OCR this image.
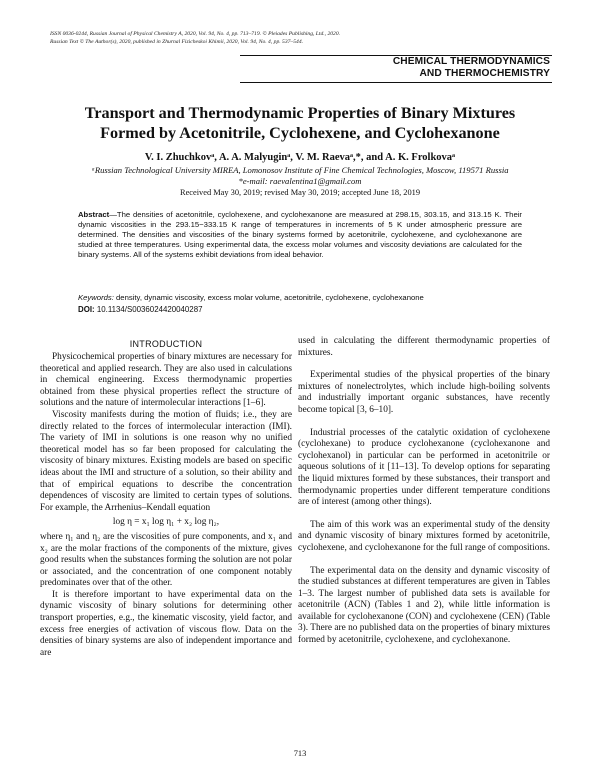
ISSN 0036-0244, Russian Journal of Physical Chemistry A, 2020, Vol. 94, No. 4, pp. 713–719. © Pleiades Publishing, Ltd., 2020.
Russian Text © The Author(s), 2020, published in Zhurnal Fizicheskoi Khimii, 2020, Vol. 94, No. 4, pp. 537–544.
CHEMICAL THERMODYNAMICS
AND THERMOCHEMISTRY
Transport and Thermodynamic Properties of Binary Mixtures
Formed by Acetonitrile, Cyclohexene, and Cyclohexanone
V. I. Zhuchkovᵃ, A. A. Malyuginᵃ, V. M. Raevaᵃ,*, and A. K. Frolkovaᵃ
ᵃRussian Technological University MIREA, Lomonosov Institute of Fine Chemical Technologies, Moscow, 119571 Russia
*e-mail: raevalentina1@gmail.com
Received May 30, 2019; revised May 30, 2019; accepted June 18, 2019
Abstract—The densities of acetonitrile, cyclohexene, and cyclohexanone are measured at 298.15, 303.15, and 313.15 K. Their dynamic viscosities in the 293.15−333.15 K range of temperatures in increments of 5 K under atmospheric pressure are determined. The densities and viscosities of the binary systems formed by acetonitrile, cyclohexene, and cyclohexanone are studied at three temperatures. Using experimental data, the excess molar volumes and viscosity deviations are calculated for the binary systems. All of the systems exhibit deviations from ideal behavior.
Keywords: density, dynamic viscosity, excess molar volume, acetonitrile, cyclohexene, cyclohexanone
DOI: 10.1134/S0036024420040287
INTRODUCTION

Physicochemical properties of binary mixtures are necessary for theoretical and applied research. They are also used in calculations in chemical engineering. Excess thermodynamic properties obtained from these physical properties reflect the structure of solutions and the nature of intermolecular interactions [1–6].

Viscosity manifests during the motion of fluids; i.e., they are directly related to the forces of intermolecular interaction (IMI). The variety of IMI in solutions is one reason why no unified theoretical model has so far been proposed for calculating the viscosity of binary mixtures. Existing models are based on specific ideas about the IMI and structure of a solution, so their ability and that of empirical equations to describe the concentration dependences of viscosity are limited to certain types of solutions. For example, the Arrhenius–Kendall equation

log η = x₁ log η₁ + x₂ log η₂,

where η₁ and η₂ are the viscosities of pure components, and x₁ and x₂ are the molar fractions of the components of the mixture, gives good results when the substances forming the solution are not polar or associated, and the concentration of one component notably predominates over that of the other.

It is therefore important to have experimental data on the dynamic viscosity of binary solutions for determining other transport properties, e.g., the kinematic viscosity, yield factor, and excess free energies of activation of viscous flow. Data on the densities of binary systems are also of independent importance and are

used in calculating the different thermodynamic properties of mixtures.

Experimental studies of the physical properties of the binary mixtures of nonelectrolytes, which include high-boiling solvents and industrially important organic substances, have recently become topical [3, 6–10].

Industrial processes of the catalytic oxidation of cyclohexene (cyclohexane) to produce cyclohexanone (cyclohexanone and cyclohexanol) in particular can be performed in acetonitrile or aqueous solutions of it [11–13]. To develop options for separating the liquid mixtures formed by these substances, their transport and thermodynamic properties under different temperature conditions are of interest (among other things).

The aim of this work was an experimental study of the density and dynamic viscosity of binary mixtures formed by acetonitrile, cyclohexene, and cyclohexanone for the full range of compositions.

The experimental data on the density and dynamic viscosity of the studied substances at different temperatures are given in Tables 1–3. The largest number of published data sets is available for acetonitrile (ACN) (Tables 1 and 2), while little information is available for cyclohexanone (CON) and cyclohexene (CEN) (Table 3). There are no published data on the properties of binary mixtures formed by acetonitrile, cyclohexene, and cyclohexanone.

713
